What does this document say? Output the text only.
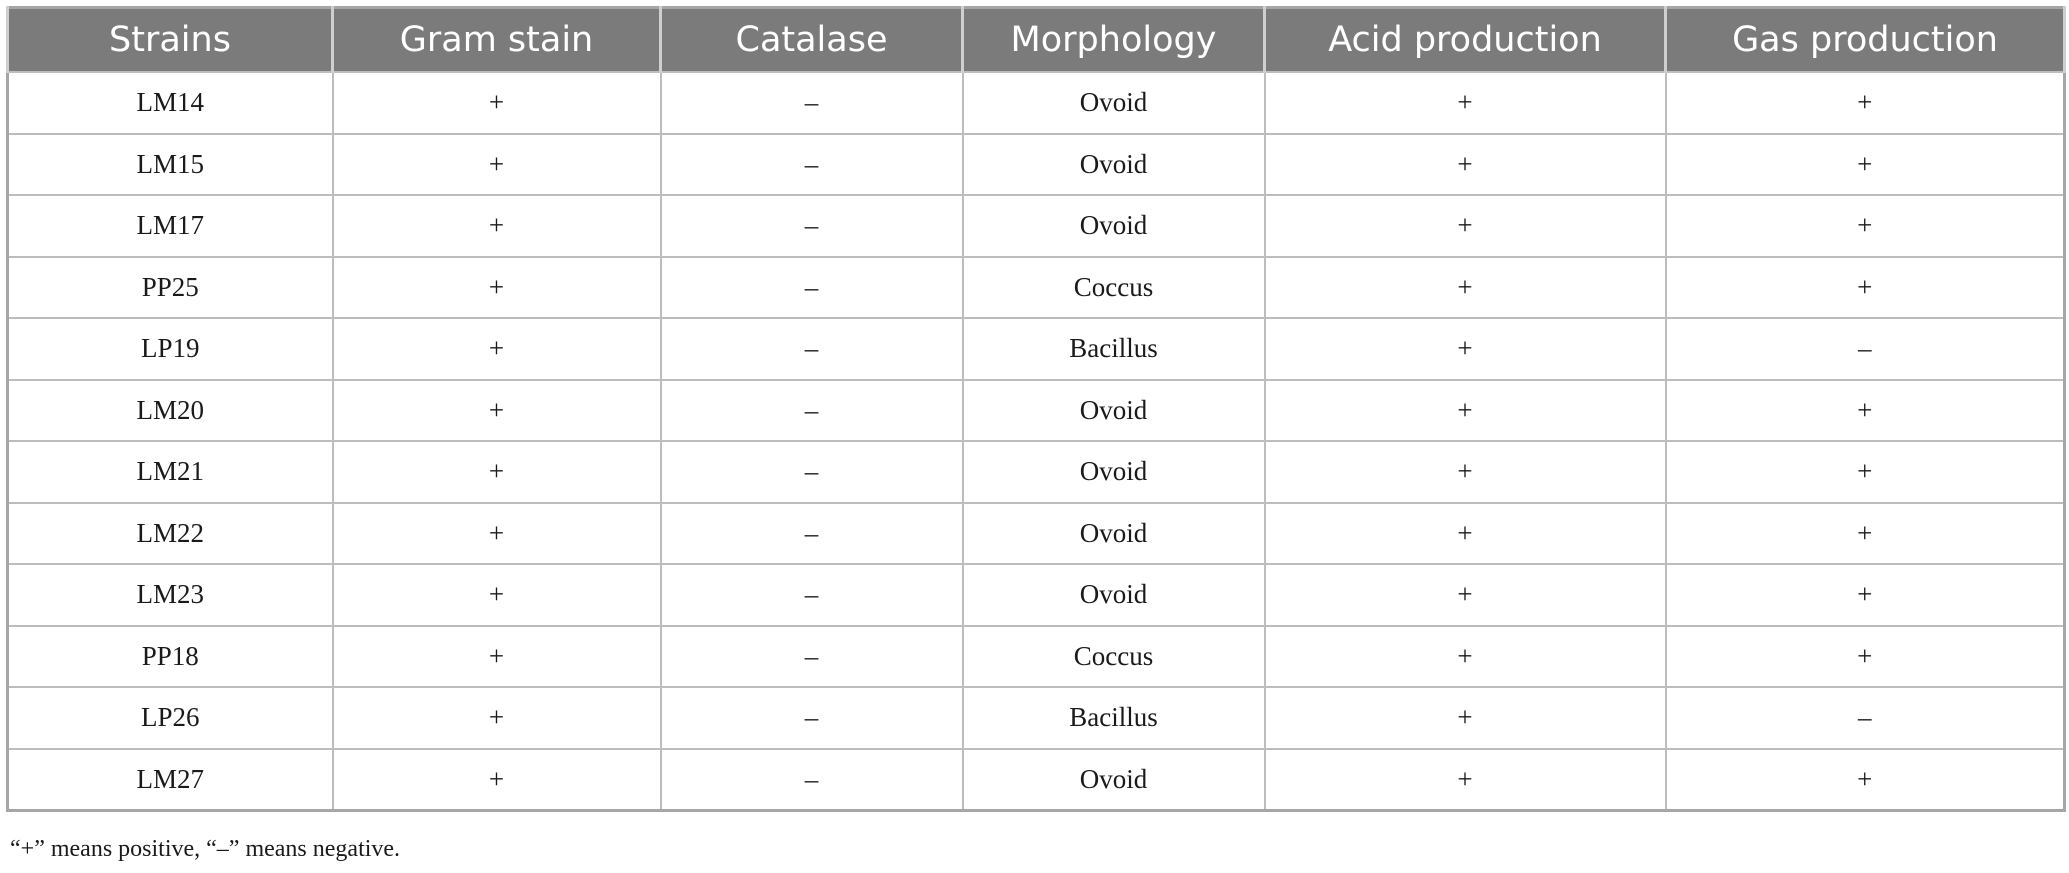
Strains	Gram stain	Catalase	Morphology	Acid production	Gas production
LM14	+	–	Ovoid	+	+
LM15	+	–	Ovoid	+	+
LM17	+	–	Ovoid	+	+
PP25	+	–	Coccus	+	+
LP19	+	–	Bacillus	+	–
LM20	+	–	Ovoid	+	+
LM21	+	–	Ovoid	+	+
LM22	+	–	Ovoid	+	+
LM23	+	–	Ovoid	+	+
PP18	+	–	Coccus	+	+
LP26	+	–	Bacillus	+	–
LM27	+	–	Ovoid	+	+
“+” means positive, “–” means negative.
